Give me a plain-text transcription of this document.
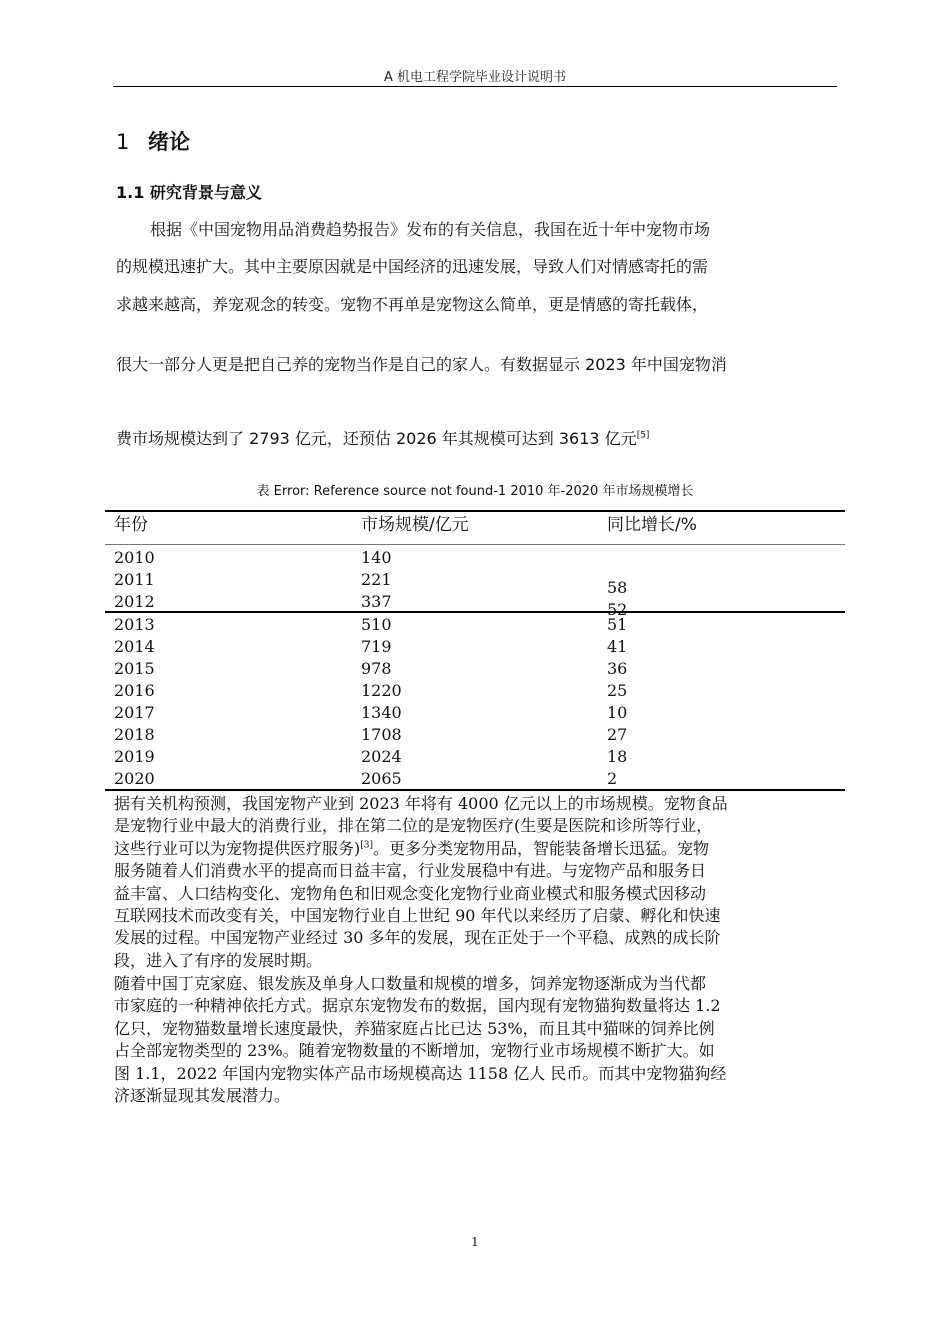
A 机电工程学院毕业设计说明书
1 绪论
1.1 研究背景与意义
根据《中国宠物用品消费趋势报告》发布的有关信息，我国在近十年中宠物市场
的规模迅速扩大。其中主要原因就是中国经济的迅速发展，导致人们对情感寄托的需
求越来越高，养宠观念的转变。宠物不再单是宠物这么简单，更是情感的寄托载体，
很大一部分人更是把自己养的宠物当作是自己的家人。有数据显示 2023 年中国宠物消
费市场规模达到了 2793 亿元，还预估 2026 年其规模可达到 3613 亿元[5]
表 Error: Reference source not found-1 2010 年-2020 年市场规模增长
年份	市场规模/亿元	同比增长/%
2010	140
2011	221	58
2012	337	52
2013	510	51
2014	719	41
2015	978	36
2016	1220	25
2017	1340	10
2018	1708	27
2019	2024	18
2020	2065	2
据有关机构预测，我国宠物产业到 2023 年将有 4000 亿元以上的市场规模。宠物食品
是宠物行业中最大的消费行业，排在第二位的是宠物医疗(生要是医院和诊所等行业，
这些行业可以为宠物提供医疗服务)[3]。更多分类宠物用品，智能装备增长迅猛。宠物
服务随着人们消费水平的提高而日益丰富，行业发展稳中有进。与宠物产品和服务日
益丰富、人口结构变化、宠物角色和旧观念变化宠物行业商业模式和服务模式因移动
互联网技术而改变有关，中国宠物行业自上世纪 90 年代以来经历了启蒙、孵化和快速
发展的过程。中国宠物产业经过 30 多年的发展，现在正处于一个平稳、成熟的成长阶
段，进入了有序的发展时期。
随着中国丁克家庭、银发族及单身人口数量和规模的增多，饲养宠物逐渐成为当代都
市家庭的一种精神依托方式。据京东宠物发布的数据，国内现有宠物猫狗数量将达 1.2
亿只，宠物猫数量增长速度最快，养猫家庭占比已达 53%，而且其中猫咪的饲养比例
占全部宠物类型的 23%。随着宠物数量的不断增加，宠物行业市场规模不断扩大。如
图 1.1，2022 年国内宠物实体产品市场规模高达 1158 亿人 民币。而其中宠物猫狗经
济逐渐显现其发展潜力。
1
